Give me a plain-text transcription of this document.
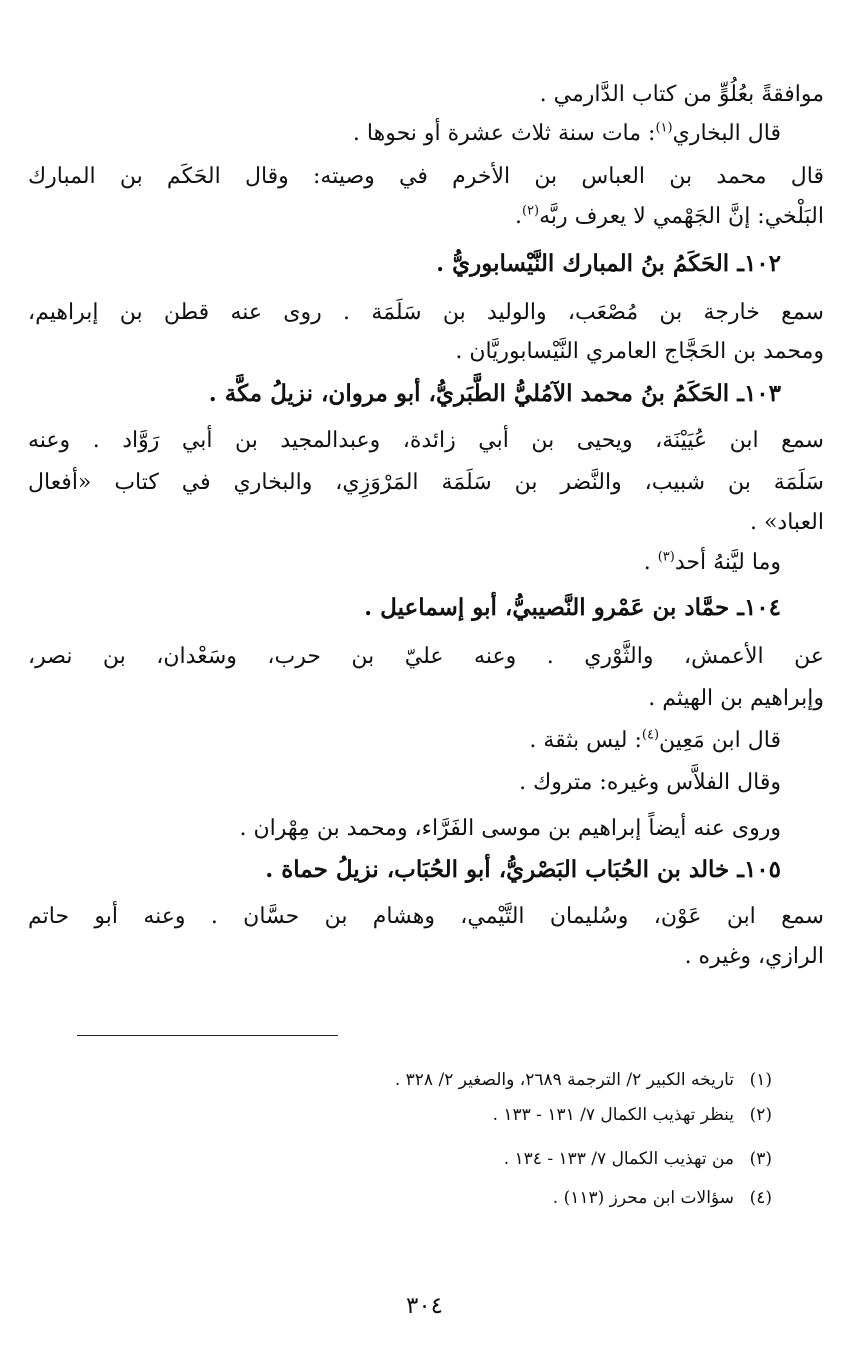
موافقةً بعُلُوٍّ من كتاب الدَّارمي .
قال البخاري$^{(١)}$: مات سنة ثلاث عشرة أو نحوها .
قال محمد بن العباس بن الأخرم في وصيته: وقال الحَكَم بن المبارك
البَلْخي: إنَّ الجَهْمي لا يعرف ربَّه$^{(٢)}$.
١٠٢ـ الحَكَمُ بنُ المبارك النَّيْسابوريُّ .
سمع خارجة بن مُصْعَب، والوليد بن سَلَمَة . روى عنه قطن بن إبراهيم،
ومحمد بن الحَجَّاج العامري النَّيْسابوريَّان .
١٠٣ـ الحَكَمُ بنُ محمد الآمُليُّ الطَّبَريُّ، أبو مروان، نزيلُ مكَّة .
سمع ابن عُيَيْنَة، ويحيى بن أبي زائدة، وعبدالمجيد بن أبي رَوَّاد . وعنه
سَلَمَة بن شبيب، والنَّضر بن سَلَمَة المَرْوَزِي، والبخاري في كتاب «أفعال
العباد» .
وما ليَّنهُ أحد$^{(٣)}$ .
١٠٤ـ حمَّاد بن عَمْرو النَّصيبيُّ، أبو إسماعيل .
عن الأعمش، والثَّوْري . وعنه عليّ بن حرب، وسَعْدان، بن نصر،
وإبراهيم بن الهيثم .
قال ابن مَعِين$^{(٤)}$: ليس بثقة .
وقال الفلاَّس وغيره: متروك .
وروى عنه أيضاً إبراهيم بن موسى الفَرَّاء، ومحمد بن مِهْران .
١٠٥ـ خالد بن الحُبَاب البَصْريُّ، أبو الحُبَاب، نزيلُ حماة .
سمع ابن عَوْن، وسُليمان التَّيْمي، وهشام بن حسَّان . وعنه أبو حاتم
الرازي، وغيره .
(١)تاريخه الكبير ٢/ الترجمة ٢٦٨٩، والصغير ٢/ ٣٢٨ .
(٢)ينظر تهذيب الكمال ٧/ ١٣١ - ١٣٣ .
(٣)من تهذيب الكمال ٧/ ١٣٣ - ١٣٤ .
(٤)سؤالات ابن محرز (١١٣) .
٣٠٤
